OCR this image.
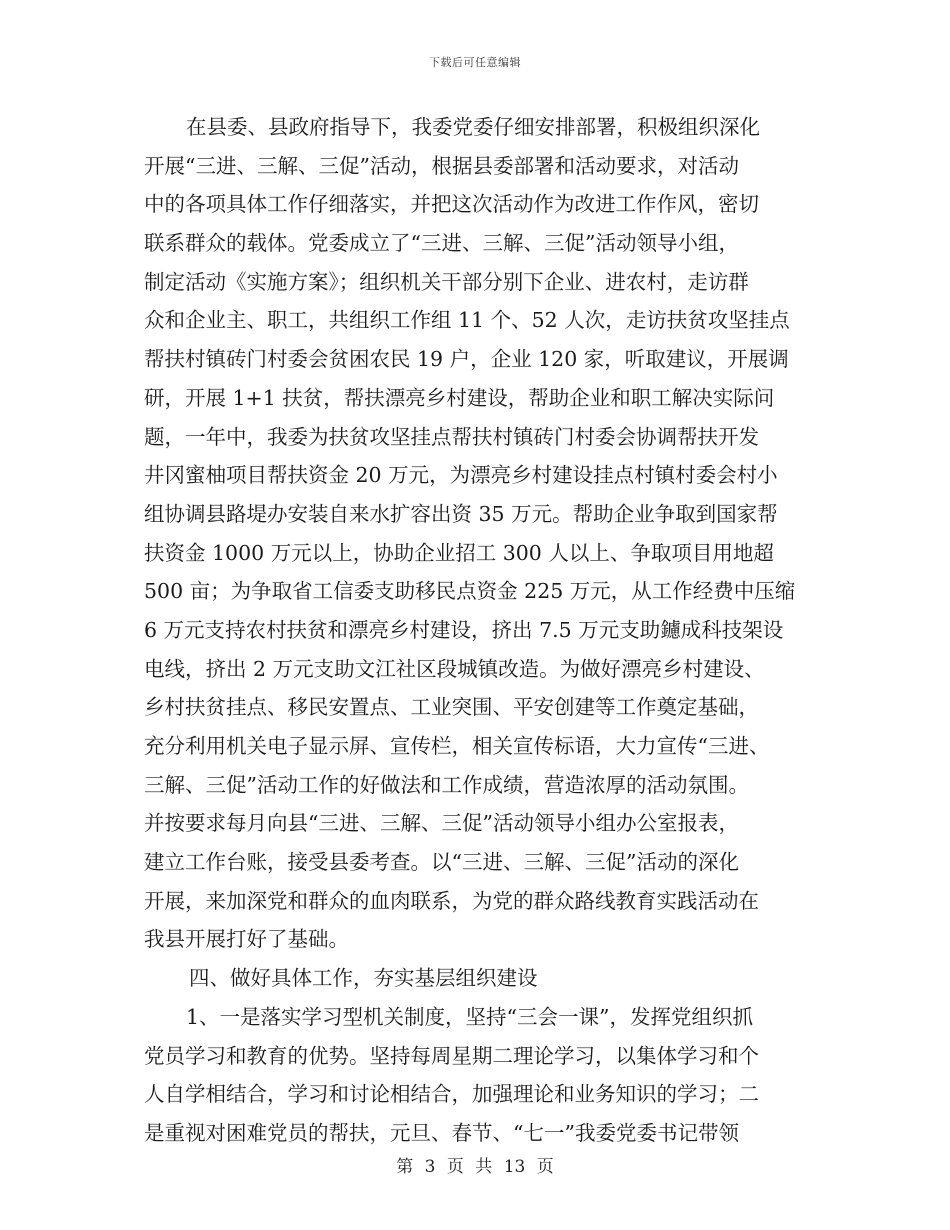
下载后可任意编辑
在县委、县政府指导下，我委党委仔细安排部署，积极组织深化
开展“三进、三解、三促”活动，根据县委部署和活动要求，对活动
中的各项具体工作仔细落实，并把这次活动作为改进工作作风，密切
联系群众的载体。党委成立了“三进、三解、三促”活动领导小组，
制定活动《实施方案》；组织机关干部分别下企业、进农村，走访群
众和企业主、职工，共组织工作组 11 个、52 人次，走访扶贫攻坚挂点
帮扶村镇砖门村委会贫困农民 19 户，企业 120 家，听取建议，开展调
研，开展 1+1 扶贫，帮扶漂亮乡村建设，帮助企业和职工解决实际问
题，一年中，我委为扶贫攻坚挂点帮扶村镇砖门村委会协调帮扶开发
井冈蜜柚项目帮扶资金 20 万元，为漂亮乡村建设挂点村镇村委会村小
组协调县路堤办安装自来水扩容出资 35 万元。帮助企业争取到国家帮
扶资金 1000 万元以上，协助企业招工 300 人以上、争取项目用地超
500 亩；为争取省工信委支助移民点资金 225 万元，从工作经费中压缩
6 万元支持农村扶贫和漂亮乡村建设，挤出 7.5 万元支助鑢成科技架设
电线，挤出 2 万元支助文江社区段城镇改造。为做好漂亮乡村建设、
乡村扶贫挂点、移民安置点、工业突围、平安创建等工作奠定基础，
充分利用机关电子显示屏、宣传栏，相关宣传标语，大力宣传“三进、
三解、三促”活动工作的好做法和工作成绩，营造浓厚的活动氛围。
并按要求每月向县“三进、三解、三促”活动领导小组办公室报表，
建立工作台账，接受县委考查。以“三进、三解、三促”活动的深化
开展，来加深党和群众的血肉联系，为党的群众路线教育实践活动在
我县开展打好了基础。
四、做好具体工作，夯实基层组织建设
1、一是落实学习型机关制度，坚持“三会一课”，发挥党组织抓
党员学习和教育的优势。坚持每周星期二理论学习，以集体学习和个
人自学相结合，学习和讨论相结合，加强理论和业务知识的学习；二
是重视对困难党员的帮扶，元旦、春节、“七一”我委党委书记带领
第 3 页 共 13 页
